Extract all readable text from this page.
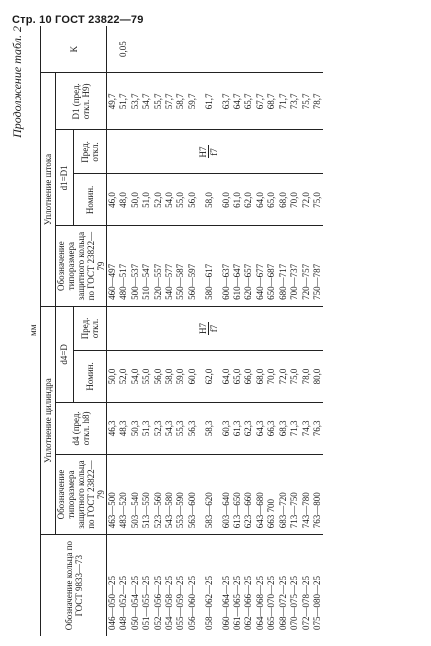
Стр. 10 ГОСТ 23822—79
Продолжение табл. 2
мм
Обозначение кольца по ГОСТ 9833—73	Уплотнение цилиндра				Уплотнение штока				K
	Обозначение типоразмера защитного кольца по ГОСТ 23822—79	d4 (пред. откл. h8)	d4=D		Обозначение типоразмера защитного кольца по ГОСТ 23822—79	d1=D1		D1 (пред. откл. H9)	
			Номин.	Пред. откл.		Номин.	Пред. откл.		
046—050—25	463—500	46,3	50,0		460—497	46,0		49,7	
048—052—25	483—520	48,3	52,0		480—517	48,0		51,7	0,05
050—054—25	503—540	50,3	54,0		500—537	50,0		53,7	
051—055—25	513—550	51,3	55,0		510—547	51,0		54,7	
052—056—25	523—560	52,3	56,0		520—557	52,0		55,7	
054—058—25	543—580	54,3	58,0		540—577	54,0		57,7	
055—059—25	553—590	55,3	59,0		550—587	55,0		58,7	
056—060—25	563—600	56,3	60,0		560—597	56,0		59,7	
058—062—25	583—620	58,3	62,0	H7 f7	580—617	58,0	H7 f7	61,7	
060—064—25	603—640	60,3	64,0		600—637	60,0		63,7	
061—065—25	613—650	61,3	65,0		610—647	61,0		64,7	
062—066—25	623—660	62,3	66,0		620—657	62,0		65,7	
064—068—25	643—680	64,3	68,0		640—677	64,0		67,7	
065—070—25	663 700	66,3	70,0		650—687	65,0		68,7	
068—072—25	683—720	68,3	72,0		680—717	68,0		71,7	
070—075—25	713—750	71,3	75,0		700—737	70,0		73,7	
072—078—25	743—780	74,3	78,0		720—757	72,0		75,7	
075—080—25	763—800	76,3	80,0		750—787	75,0		78,7	
